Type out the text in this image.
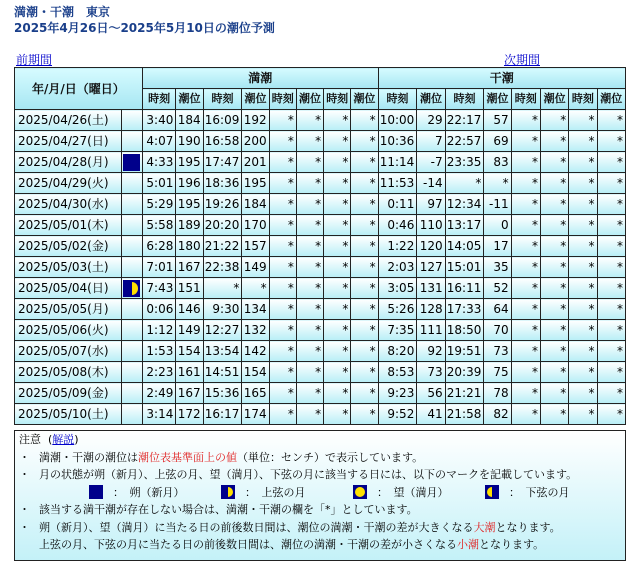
満潮・干潮　東京
2025年4月26日〜2025年5月10日の潮位予測
前期間	次期間
年/月/日（曜日）		満潮								干潮							
		時刻	潮位	時刻	潮位	時刻	潮位	時刻	潮位	時刻	潮位	時刻	潮位	時刻	潮位	時刻	潮位
2025/04/26(土)		3:40	184	16:09	192	*	*	*	*	10:00	29	22:17	57	*	*	*	*
2025/04/27(日)		4:07	190	16:58	200	*	*	*	*	10:36	7	22:57	69	*	*	*	*
2025/04/28(月)		4:33	195	17:47	201	*	*	*	*	11:14	-7	23:35	83	*	*	*	*
2025/04/29(火)		5:01	196	18:36	195	*	*	*	*	11:53	-14	*	*	*	*	*	*
2025/04/30(水)		5:29	195	19:26	184	*	*	*	*	0:11	97	12:34	-11	*	*	*	*
2025/05/01(木)		5:58	189	20:20	170	*	*	*	*	0:46	110	13:17	0	*	*	*	*
2025/05/02(金)		6:28	180	21:22	157	*	*	*	*	1:22	120	14:05	17	*	*	*	*
2025/05/03(土)		7:01	167	22:38	149	*	*	*	*	2:03	127	15:01	35	*	*	*	*
2025/05/04(日)		7:43	151	*	*	*	*	*	*	3:05	131	16:11	52	*	*	*	*
2025/05/05(月)		0:06	146	9:30	134	*	*	*	*	5:26	128	17:33	64	*	*	*	*
2025/05/06(火)		1:12	149	12:27	132	*	*	*	*	7:35	111	18:50	70	*	*	*	*
2025/05/07(水)		1:53	154	13:54	142	*	*	*	*	8:20	92	19:51	73	*	*	*	*
2025/05/08(木)		2:23	161	14:51	154	*	*	*	*	8:53	73	20:39	75	*	*	*	*
2025/05/09(金)		2:49	167	15:36	165	*	*	*	*	9:23	56	21:21	78	*	*	*	*
2025/05/10(土)		3:14	172	16:17	174	*	*	*	*	9:52	41	21:58	82	*	*	*	*
注意 ( 解説 )
・ 満潮・干潮の潮位は 潮位表基準面上の値 （単位：センチ）で表示しています。
・ 月の状態が朔（新月）、上弦の月、望（満月）、下弦の月に該当する日には、以下のマークを記載しています。
：　朔（新月）	：　上弦の月	：　望（満月）	：　下弦の月
・ 該当する満干潮が存在しない場合は、満潮・干潮の欄を「*」としています。
・ 朔（新月）、望（満月）に当たる日の前後数日間は、潮位の満潮・干潮の差が大きくなる 大潮 となります。
上弦の月、下弦の月に当たる日の前後数日間は、潮位の満潮・干潮の差が小さくなる 小潮 となります。
